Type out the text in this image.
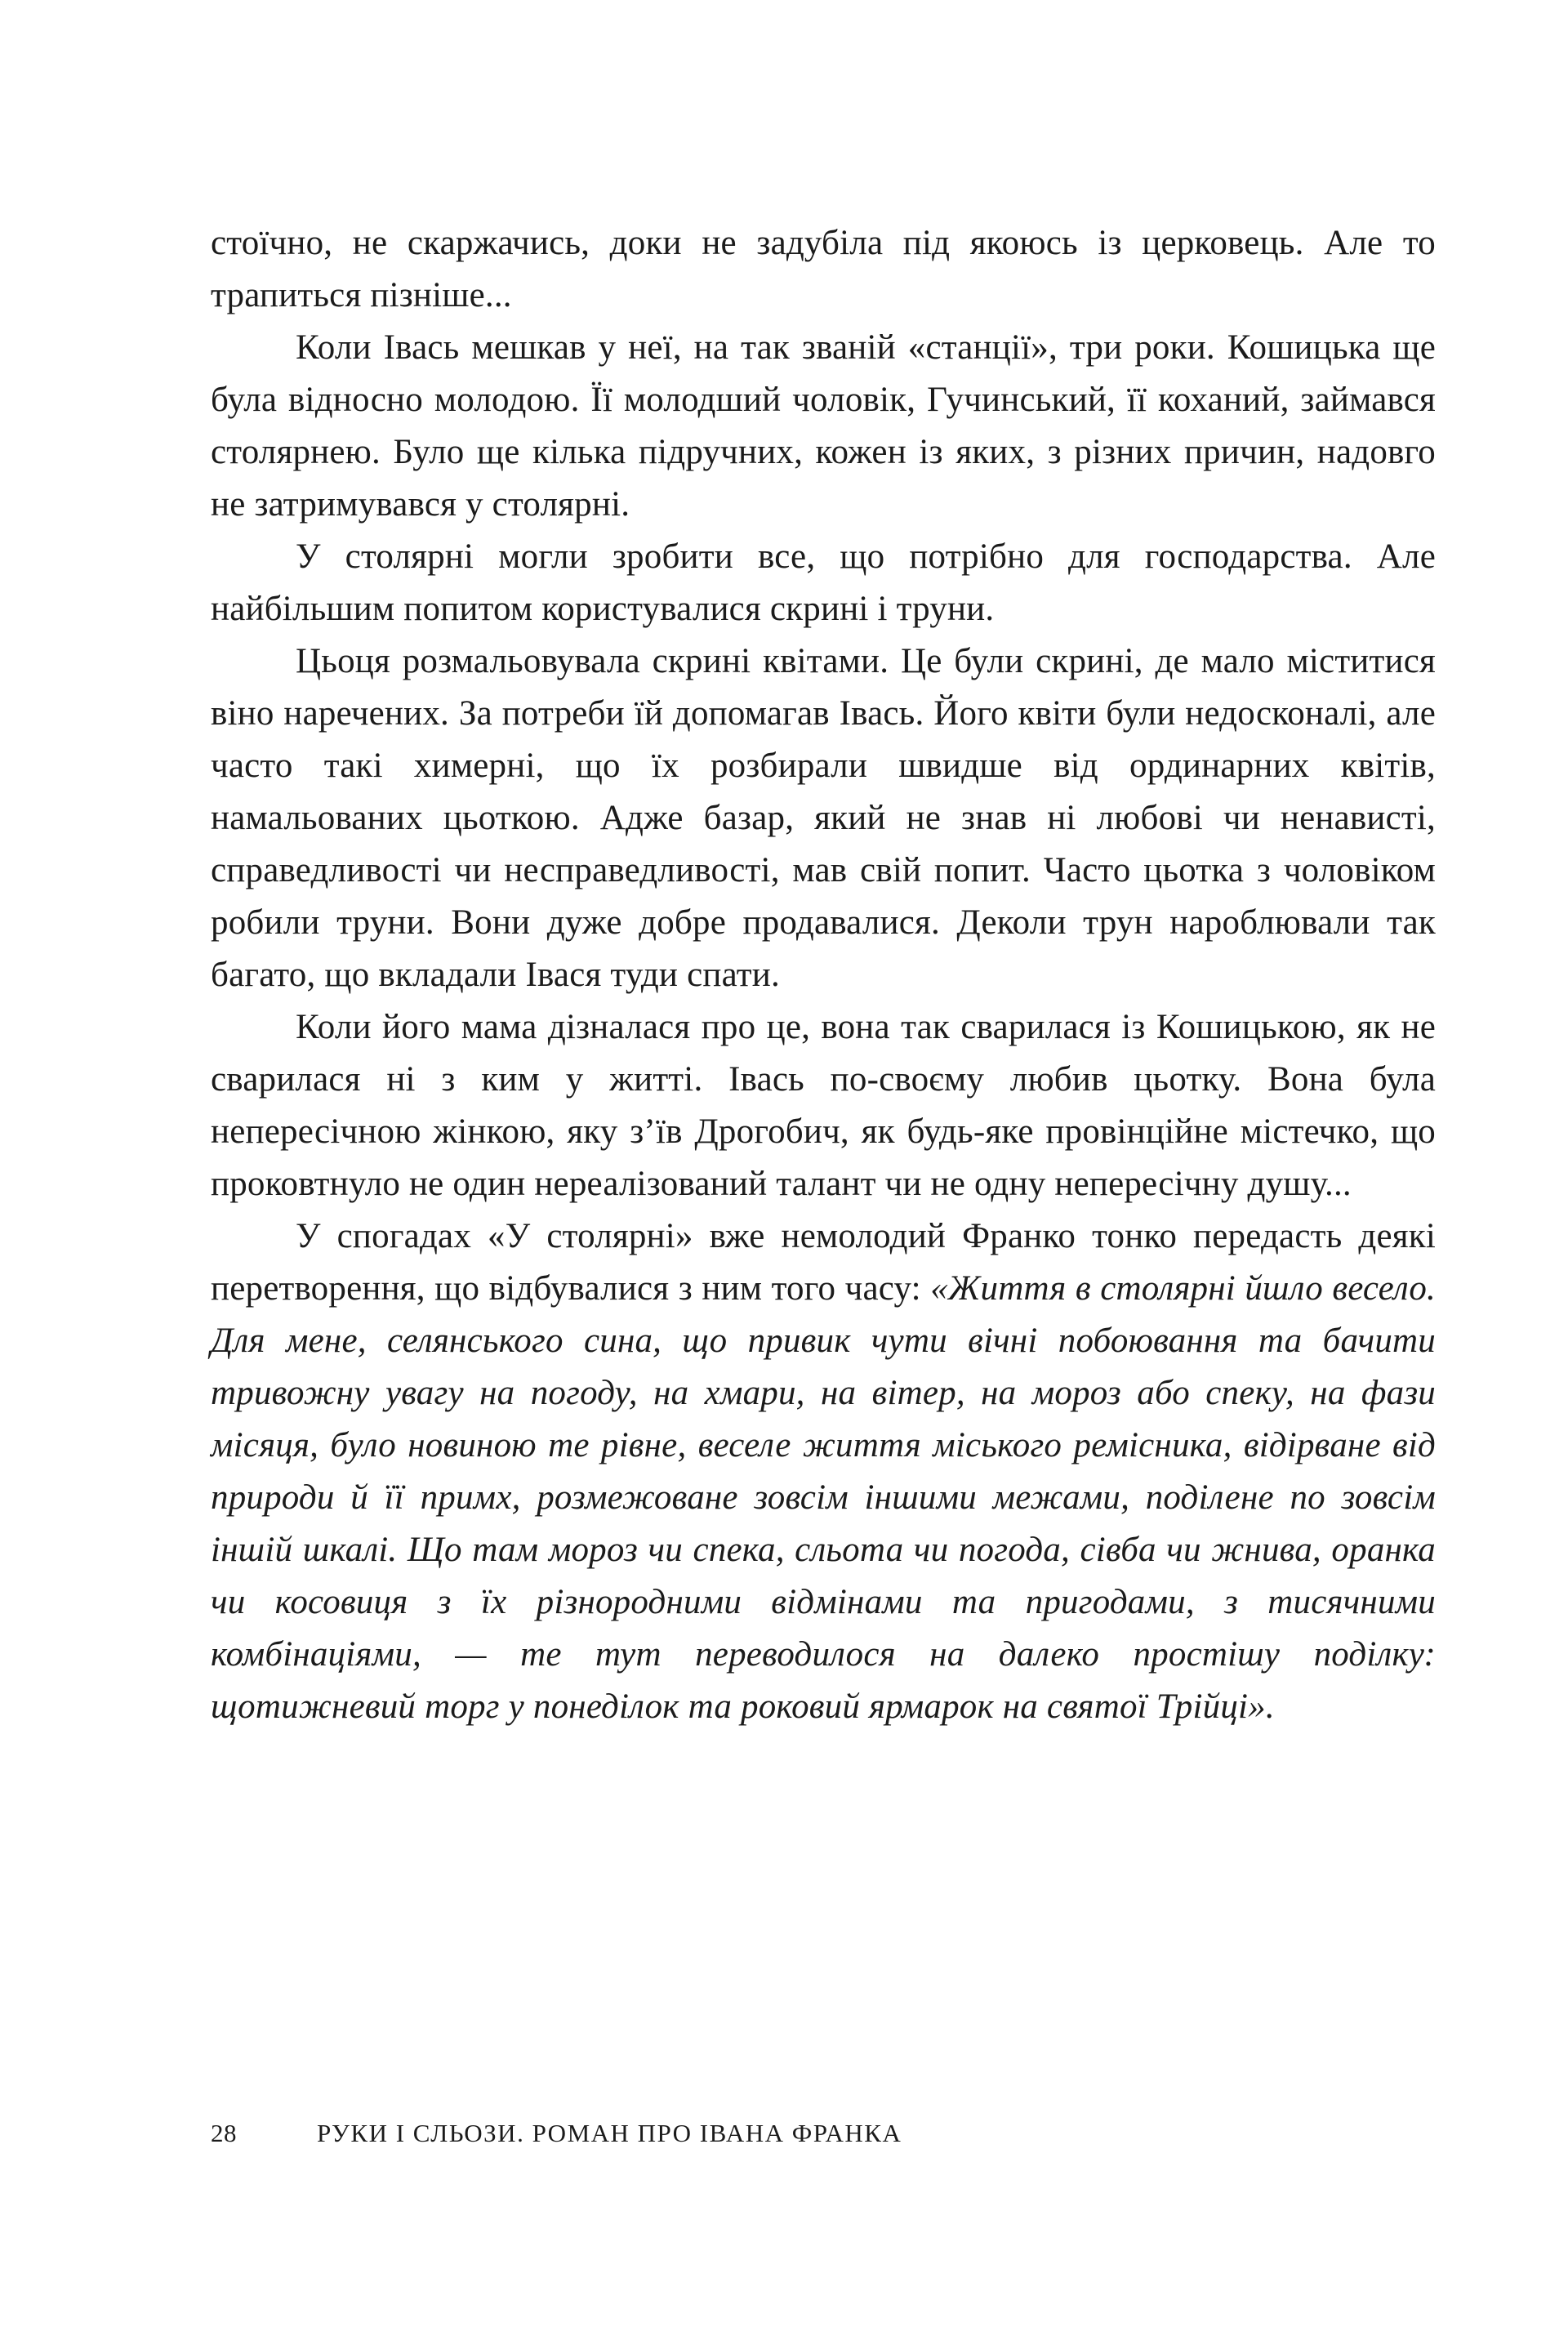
стоїчно, не скаржачись, доки не задубіла під якоюсь із церковець. Але то трапиться пізніше...

Коли Івась мешкав у неї, на так званій «станції», три роки. Кошицька ще була відносно молодою. Її молодший чоловік, Гучинський, її коханий, займався столярнею. Було ще кілька підручних, кожен із яких, з різних причин, надовго не затримувався у столярні.

У столярні могли зробити все, що потрібно для господарства. Але найбільшим попитом користувалися скрині і труни.

Цьоця розмальовувала скрині квітами. Це були скрині, де мало міститися віно наречених. За потреби їй допомагав Івась. Його квіти були недосконалі, але часто такі химерні, що їх розбирали швидше від ординарних квітів, намальованих цьоткою. Адже базар, який не знав ні любові чи ненависті, справедливості чи несправедливості, мав свій попит. Часто цьотка з чоловіком робили труни. Вони дуже добре продавалися. Деколи трун нароблювали так багато, що вкладали Івася туди спати.

Коли його мама дізналася про це, вона так сварилася із Кошицькою, як не сварилася ні з ким у житті. Івась по-своєму любив цьотку. Вона була непересічною жінкою, яку з’їв Дрогобич, як будь-яке провінційне містечко, що проковтнуло не один нереалізований талант чи не одну непересічну душу...

У спогадах «У столярні» вже немолодий Франко тонко передасть деякі перетворення, що відбувалися з ним того часу: «Життя в столярні йшло весело. Для мене, селянського сина, що привик чути вічні побоювання та бачити тривожну увагу на погоду, на хмари, на вітер, на мороз або спеку, на фази місяця, було новиною те рівне, веселе життя міського ремісника, відірване від природи й її примх, розмежоване зовсім іншими межами, поділене по зовсім іншій шкалі. Що там мороз чи спека, сльота чи погода, сівба чи жнива, оранка чи косовиця з їх різнородними відмінами та пригодами, з тисячними комбінаціями, — те тут переводилося на далеко простішу поділку: щотижневий торг у понеділок та роковий ярмарок на святої Трійці».

28	РУКИ І СЛЬОЗИ. РОМАН ПРО ІВАНА ФРАНКА
